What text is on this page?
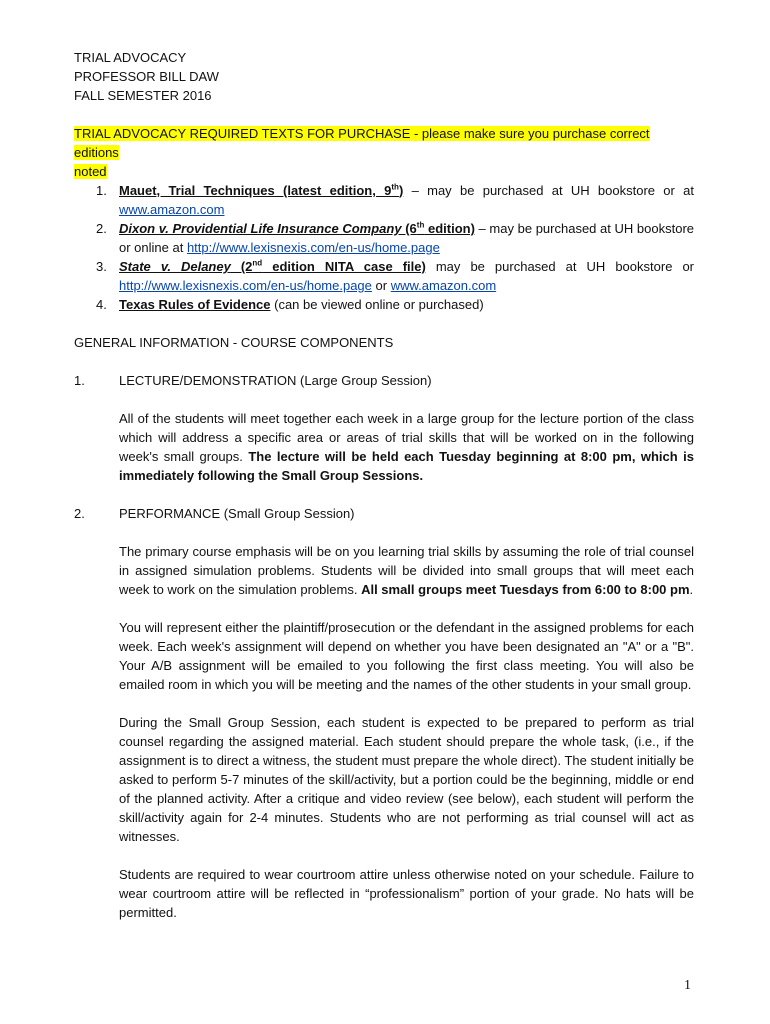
TRIAL ADVOCACY

PROFESSOR BILL DAW

FALL SEMESTER 2016

TRIAL ADVOCACY REQUIRED TEXTS FOR PURCHASE - please make sure you purchase correct editions
noted

1. Mauet, Trial Techniques (latest edition, 9th) – may be purchased at UH bookstore or at www.amazon.com
2. Dixon v. Providential Life Insurance Company (6th edition) – may be purchased at UH bookstore or online at http://www.lexisnexis.com/en-us/home.page
3. State v. Delaney (2nd edition NITA case file) may be purchased at UH bookstore or http://www.lexisnexis.com/en-us/home.page or www.amazon.com
4. Texas Rules of Evidence (can be viewed online or purchased)

GENERAL INFORMATION - COURSE COMPONENTS

1.	LECTURE/DEMONSTRATION (Large Group Session)

All of the students will meet together each week in a large group for the lecture portion of the class which will address a specific area or areas of trial skills that will be worked on in the following week's small groups. The lecture will be held each Tuesday beginning at 8:00 pm, which is immediately following the Small Group Sessions.

2.	PERFORMANCE (Small Group Session)

The primary course emphasis will be on you learning trial skills by assuming the role of trial counsel in assigned simulation problems. Students will be divided into small groups that will meet each week to work on the simulation problems. All small groups meet Tuesdays from 6:00 to 8:00 pm.

You will represent either the plaintiff/prosecution or the defendant in the assigned problems for each week. Each week's assignment will depend on whether you have been designated an "A" or a "B". Your A/B assignment will be emailed to you following the first class meeting. You will also be emailed room in which you will be meeting and the names of the other students in your small group.

During the Small Group Session, each student is expected to be prepared to perform as trial counsel regarding the assigned material. Each student should prepare the whole task, (i.e., if the assignment is to direct a witness, the student must prepare the whole direct). The student initially be asked to perform 5-7 minutes of the skill/activity, but a portion could be the beginning, middle or end of the planned activity. After a critique and video review (see below), each student will perform the skill/activity again for 2-4 minutes. Students who are not performing as trial counsel will act as witnesses.

Students are required to wear courtroom attire unless otherwise noted on your schedule. Failure to wear courtroom attire will be reflected in “professionalism” portion of your grade. No hats will be permitted.

1
